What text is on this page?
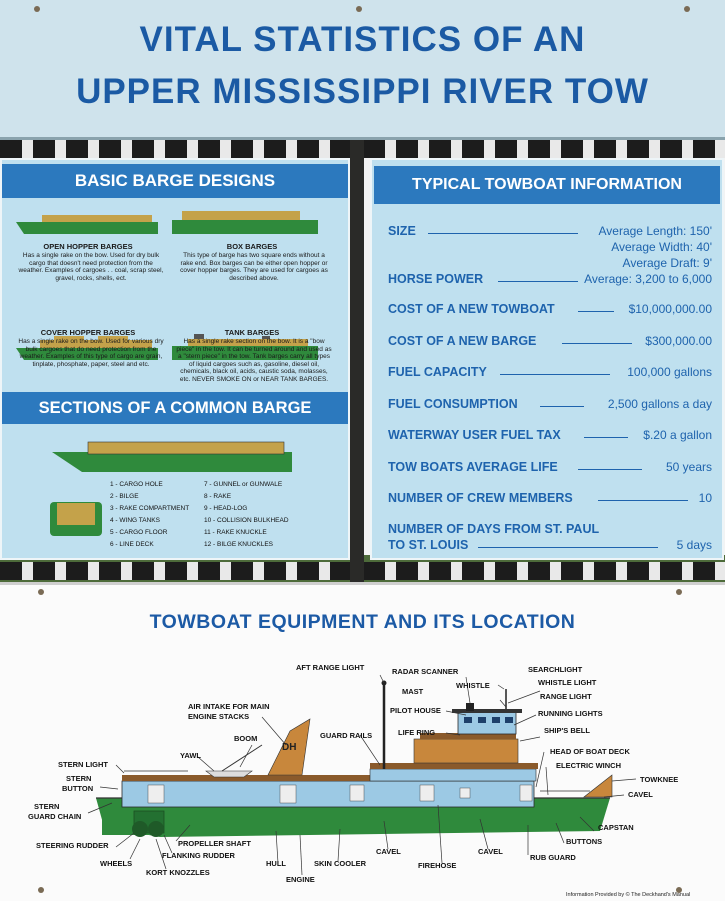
VITAL STATISTICS OF AN
UPPER MISSISSIPPI RIVER TOW
BASIC BARGE DESIGNS
OPEN HOPPER BARGES
Has a single rake on the bow. Used for dry bulk cargo that doesn't need protection from the weather. Examples of cargoes . . coal, scrap steel, gravel, rocks, shells, ect.
BOX BARGES
This type of barge has two square ends without a rake end. Box barges can be either open hopper or cover hopper barges. They are used for cargoes as described above.
COVER HOPPER BARGES
Has a single rake on the bow. Used for various dry bulk cargoes that do need protection from the weather. Examples of this type of cargo are grain, tinplate, phosphate, paper, steel and etc.
TANK BARGES
Has a single rake section on the bow. It is a "bow piece" in the tow. It can be turned around and used as a "stern piece" in the tow. Tank barges carry all types of liquid cargoes such as, gasoline, diesel oil, chemicals, black oil, acids, caustic soda, molasses, etc. NEVER SMOKE ON or NEAR TANK BARGES.
SECTIONS OF A COMMON BARGE
1 - CARGO HOLE
2 - BILGE
3 - RAKE COMPARTMENT
4 - WING TANKS
5 - CARGO FLOOR
6 - LINE DECK
7 - GUNNEL or GUNWALE
8 - RAKE
9 - HEAD-LOG
10 - COLLISION BULKHEAD
11 - RAKE KNUCKLE
12 - BILGE KNUCKLES
TYPICAL TOWBOAT INFORMATION
SIZE	Average Length: 150'
Average Width: 40'
Average Draft: 9'
HORSE POWER	Average: 3,200 to 6,000
COST OF A NEW TOWBOAT	$10,000,000.00
COST OF A NEW BARGE	$300,000.00
FUEL CAPACITY	100,000 gallons
FUEL CONSUMPTION	2,500 gallons a day
WATERWAY USER FUEL TAX	$.20 a gallon
TOW BOATS AVERAGE LIFE	50 years
NUMBER OF CREW MEMBERS	10
NUMBER OF DAYS FROM ST. PAUL
TO ST. LOUIS	5 days
TOWBOAT EQUIPMENT AND ITS LOCATION
DH
AFT RANGE LIGHT	RADAR SCANNER	SEARCHLIGHT
WHISTLE	WHISTLE LIGHT
MAST
RANGE LIGHT
AIR INTAKE FOR MAIN
ENGINE STACKS
PILOT HOUSE	RUNNING LIGHTS
BOOM	GUARD RAILS	LIFE RING	SHIP'S BELL
YAWL	HEAD OF BOAT DECK
ELECTRIC WINCH
STERN LIGHT
TOWKNEE
STERN
BUTTON
CAVEL
STERN
GUARD CHAIN
CAPSTAN
BUTTONS
STEERING RUDDER	PROPELLER SHAFT
FLANKING RUDDER	CAVEL	CAVEL
RUB GUARD
WHEELS	HULL	SKIN COOLER	FIREHOSE
KORT KNOZZLES
ENGINE
Information Provided by © The Deckhand's Manual
